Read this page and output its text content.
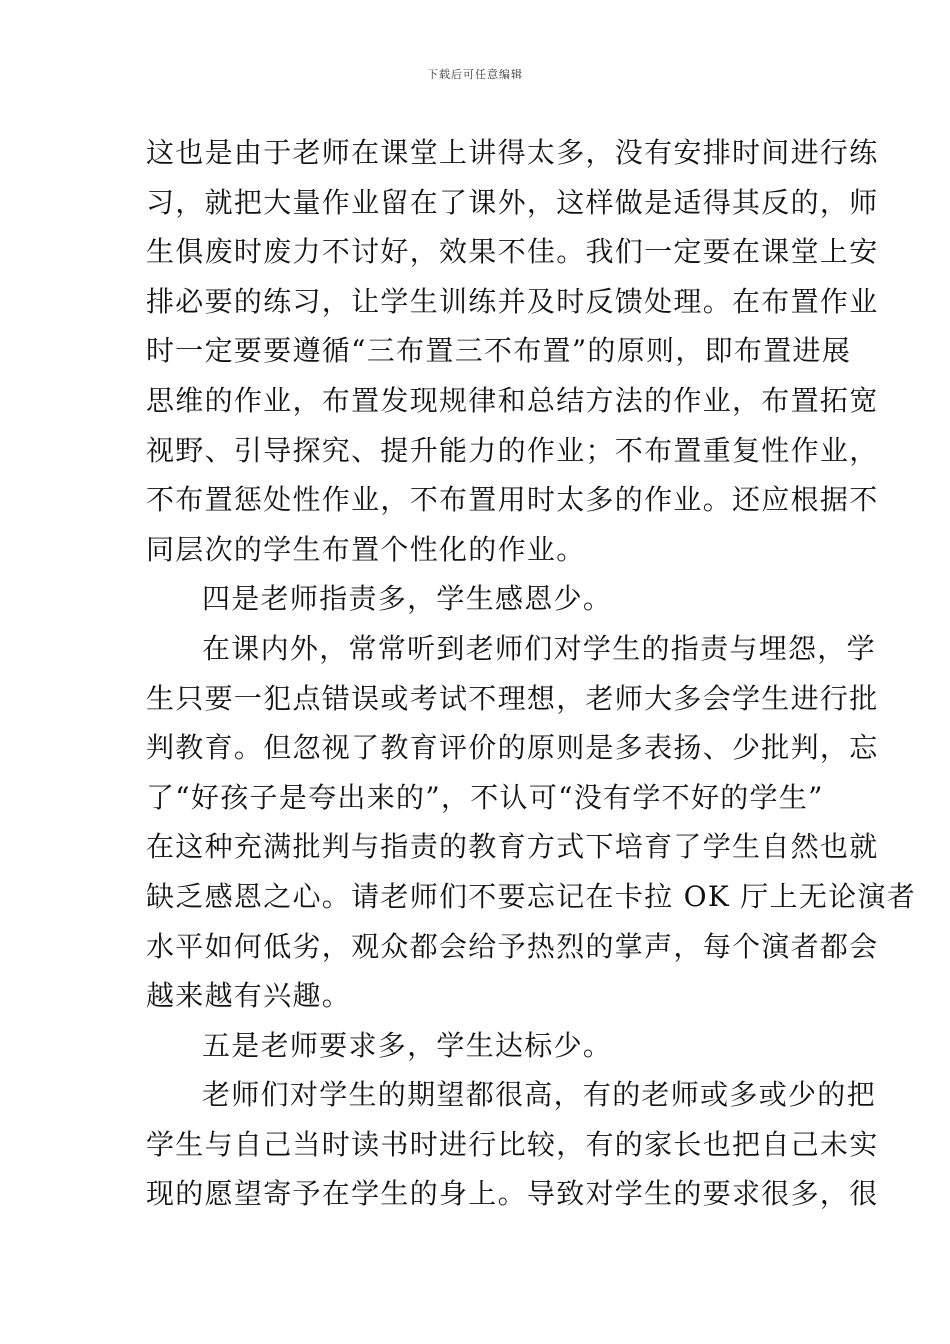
下载后可任意编辑
这也是由于老师在课堂上讲得太多，没有安排时间进行练
习，就把大量作业留在了课外，这样做是适得其反的，师
生俱废时废力不讨好，效果不佳。我们一定要在课堂上安
排必要的练习，让学生训练并及时反馈处理。在布置作业
时一定要要遵循“三布置三不布置”的原则，即布置进展
思维的作业，布置发现规律和总结方法的作业，布置拓宽
视野、引导探究、提升能力的作业；不布置重复性作业，
不布置惩处性作业，不布置用时太多的作业。还应根据不
同层次的学生布置个性化的作业。
四是老师指责多，学生感恩少。
在课内外，常常听到老师们对学生的指责与埋怨，学
生只要一犯点错误或考试不理想，老师大多会学生进行批
判教育。但忽视了教育评价的原则是多表扬、少批判，忘
了“好孩子是夸出来的”，不认可“没有学不好的学生”
在这种充满批判与指责的教育方式下培育了学生自然也就
缺乏感恩之心。请老师们不要忘记在卡拉 OK 厅上无论演者
水平如何低劣，观众都会给予热烈的掌声，每个演者都会
越来越有兴趣。
五是老师要求多，学生达标少。
老师们对学生的期望都很高，有的老师或多或少的把
学生与自己当时读书时进行比较，有的家长也把自己未实
现的愿望寄予在学生的身上。导致对学生的要求很多，很
